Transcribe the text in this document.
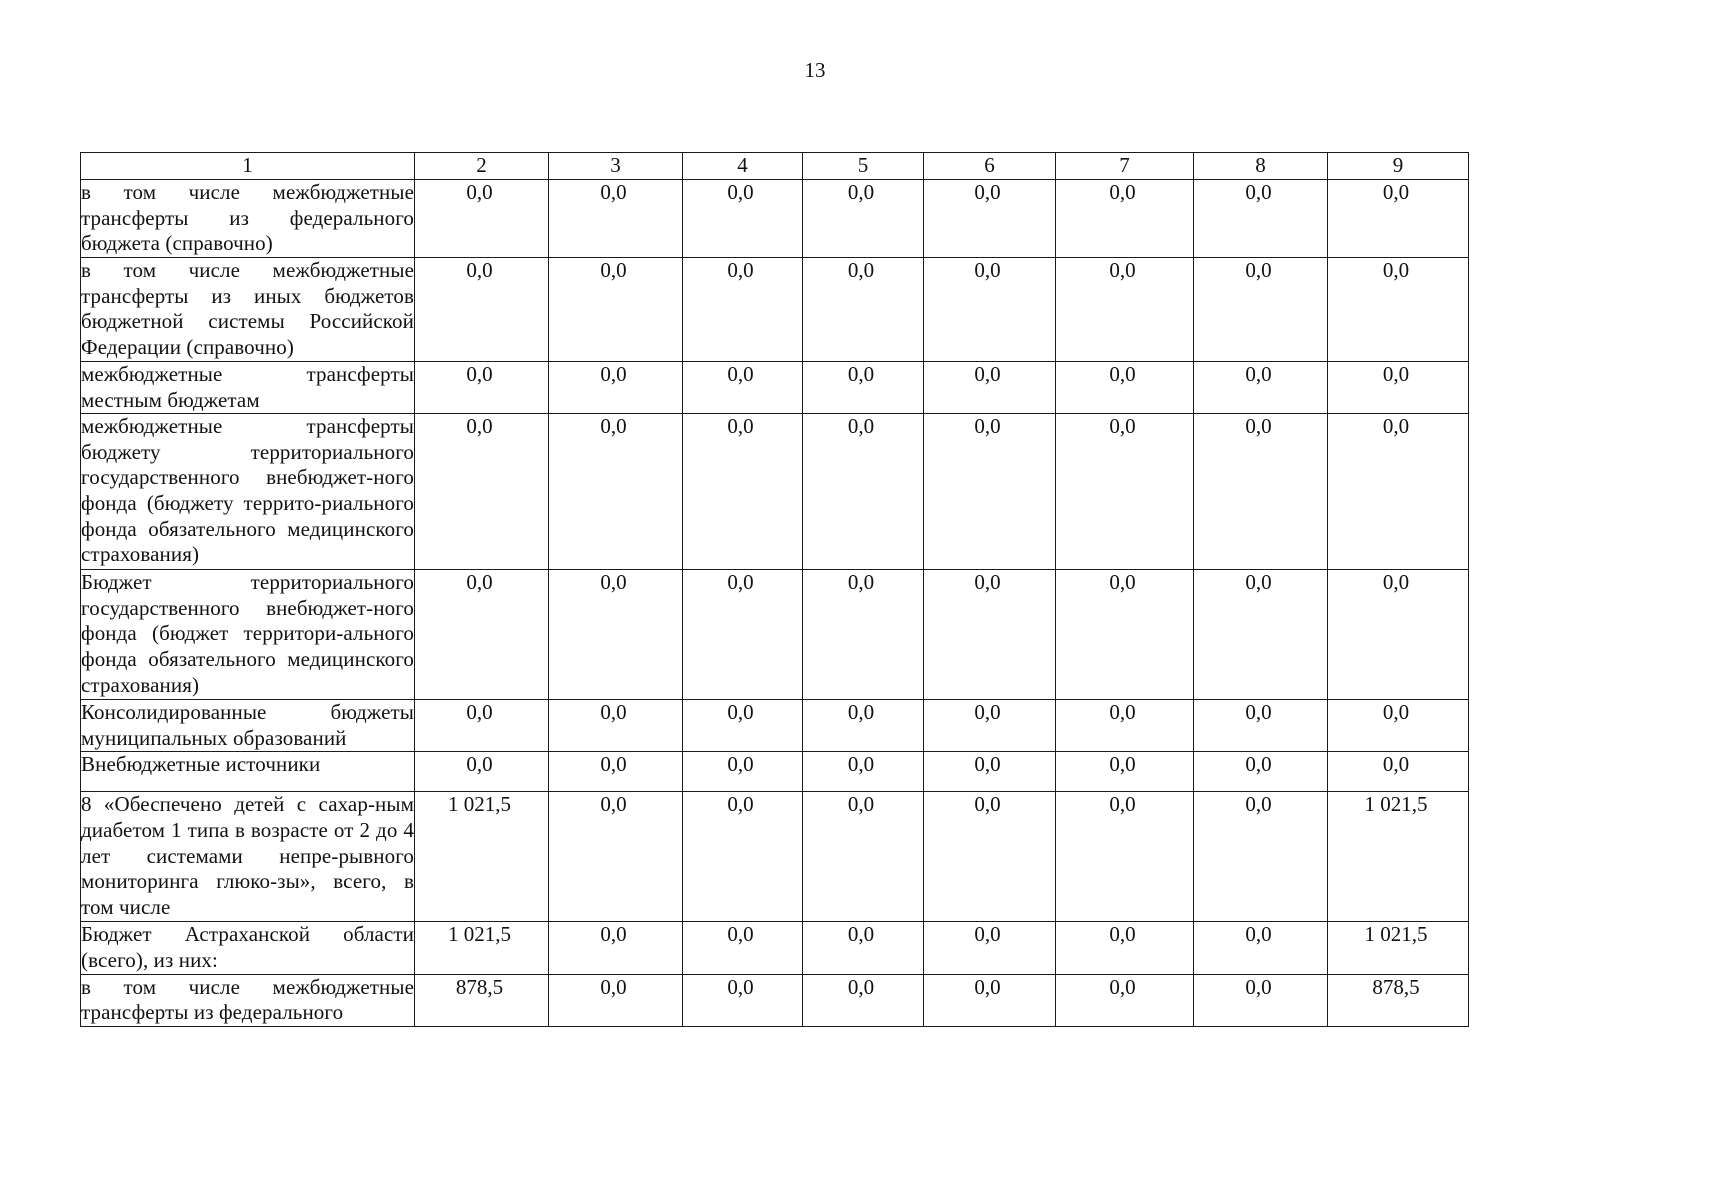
13
1	2	3	4	5	6	7	8	9
в том числе межбюджетные трансферты из федерального бюджета (справочно)	0,0	0,0	0,0	0,0	0,0	0,0	0,0	0,0
в том числе межбюджетные трансферты из иных бюджетов бюджетной системы Российской Федерации (справочно)	0,0	0,0	0,0	0,0	0,0	0,0	0,0	0,0
межбюджетные трансферты местным бюджетам	0,0	0,0	0,0	0,0	0,0	0,0	0,0	0,0
межбюджетные трансферты бюджету территориального государственного внебюджет-ного фонда (бюджету террито-риального фонда обязательного медицинского страхования)	0,0	0,0	0,0	0,0	0,0	0,0	0,0	0,0
Бюджет территориального государственного внебюджет-ного фонда (бюджет территори-ального фонда обязательного медицинского страхования)	0,0	0,0	0,0	0,0	0,0	0,0	0,0	0,0
Консолидированные бюджеты муниципальных образований	0,0	0,0	0,0	0,0	0,0	0,0	0,0	0,0
Внебюджетные источники	0,0	0,0	0,0	0,0	0,0	0,0	0,0	0,0
8 «Обеспечено детей с сахар-ным диабетом 1 типа в возрасте от 2 до 4 лет системами непре-рывного мониторинга глюко-зы», всего, в том числе	1 021,5	0,0	0,0	0,0	0,0	0,0	0,0	1 021,5
Бюджет Астраханской области (всего), из них:	1 021,5	0,0	0,0	0,0	0,0	0,0	0,0	1 021,5
в том числе межбюджетные трансферты из федерального	878,5	0,0	0,0	0,0	0,0	0,0	0,0	878,5
